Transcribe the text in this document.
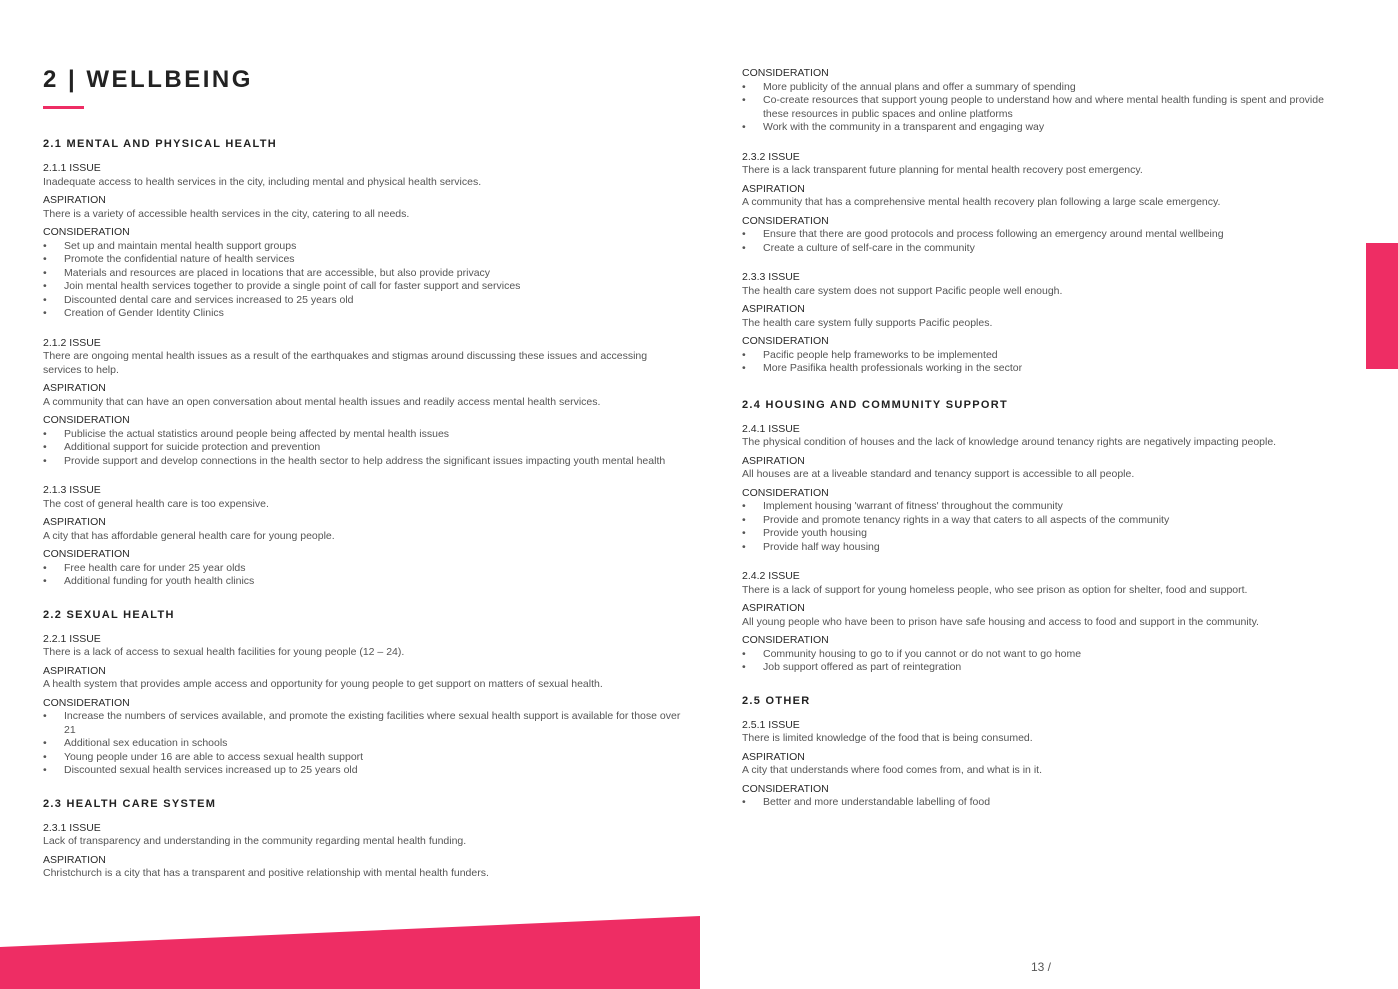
2 | WELLBEING
2.1 MENTAL AND PHYSICAL HEALTH
2.1.1 ISSUE
Inadequate access to health services in the city, including mental and physical health services.
ASPIRATION
There is a variety of accessible health services in the city, catering to all needs.
CONSIDERATION
• Set up and maintain mental health support groups
• Promote the confidential nature of health services
• Materials and resources are placed in locations that are accessible, but also provide privacy
• Join mental health services together to provide a single point of call for faster support and services
• Discounted dental care and services increased to 25 years old
• Creation of Gender Identity Clinics
2.1.2 ISSUE
There are ongoing mental health issues as a result of the earthquakes and stigmas around discussing these issues and accessing services to help.
ASPIRATION
A community that can have an open conversation about mental health issues and readily access mental health services.
CONSIDERATION
• Publicise the actual statistics around people being affected by mental health issues
• Additional support for suicide protection and prevention
• Provide support and develop connections in the health sector to help address the significant issues impacting youth mental health
2.1.3 ISSUE
The cost of general health care is too expensive.
ASPIRATION
A city that has affordable general health care for young people.
CONSIDERATION
• Free health care for under 25 year olds
• Additional funding for youth health clinics
2.2 SEXUAL HEALTH
2.2.1 ISSUE
There is a lack of access to sexual health facilities for young people (12 – 24).
ASPIRATION
A health system that provides ample access and opportunity for young people to get support on matters of sexual health.
CONSIDERATION
• Increase the numbers of services available, and promote the existing facilities where sexual health support is available for those over 21
• Additional sex education in schools
• Young people under 16 are able to access sexual health support
• Discounted sexual health services increased up to 25 years old
2.3 HEALTH CARE SYSTEM
2.3.1 ISSUE
Lack of transparency and understanding in the community regarding mental health funding.
ASPIRATION
Christchurch is a city that has a transparent and positive relationship with mental health funders.
CONSIDERATION
• More publicity of the annual plans and offer a summary of spending
• Co-create resources that support young people to understand how and where mental health funding is spent and provide these resources in public spaces and online platforms
• Work with the community in a transparent and engaging way
2.3.2 ISSUE
There is a lack transparent future planning for mental health recovery post emergency.
ASPIRATION
A community that has a comprehensive mental health recovery plan following a large scale emergency.
CONSIDERATION
• Ensure that there are good protocols and process following an emergency around mental wellbeing
• Create a culture of self-care in the community
2.3.3 ISSUE
The health care system does not support Pacific people well enough.
ASPIRATION
The health care system fully supports Pacific peoples.
CONSIDERATION
• Pacific people help frameworks to be implemented
• More Pasifika health professionals working in the sector
2.4 HOUSING AND COMMUNITY SUPPORT
2.4.1 ISSUE
The physical condition of houses and the lack of knowledge around tenancy rights are negatively impacting people.
ASPIRATION
All houses are at a liveable standard and tenancy support is accessible to all people.
CONSIDERATION
• Implement housing 'warrant of fitness' throughout the community
• Provide and promote tenancy rights in a way that caters to all aspects of the community
• Provide youth housing
• Provide half way housing
2.4.2 ISSUE
There is a lack of support for young homeless people, who see prison as option for shelter, food and support.
ASPIRATION
All young people who have been to prison have safe housing and access to food and support in the community.
CONSIDERATION
• Community housing to go to if you cannot or do not want to go home
• Job support offered as part of reintegration
2.5 OTHER
2.5.1 ISSUE
There is limited knowledge of the food that is being consumed.
ASPIRATION
A city that understands where food comes from, and what is in it.
CONSIDERATION
• Better and more understandable labelling of food
13 /
